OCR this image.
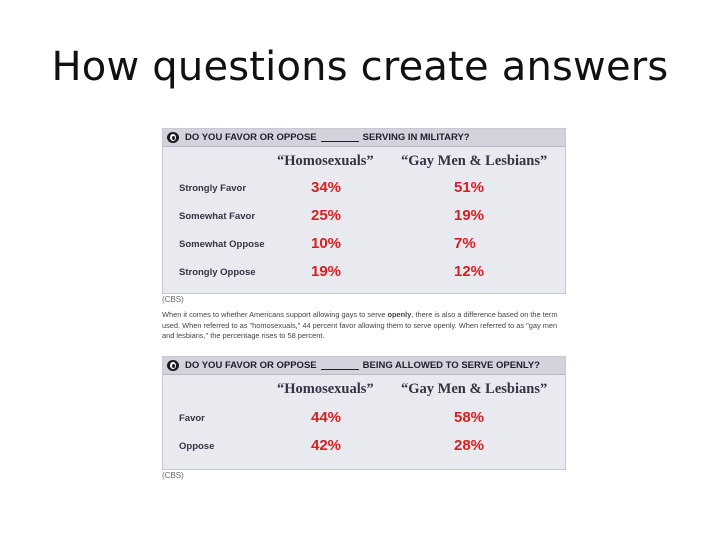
How questions create answers
DO YOU FAVOR OR OPPOSE	SERVING IN MILITARY?
“Homosexuals” “Gay Men & Lesbians”
Strongly Favor	34%	51%
Somewhat Favor	25%	19%
Somewhat Oppose	10%	7%
Strongly Oppose	19%	12%
(CBS)
When it comes to whether Americans support allowing gays to serve openly, there is also a difference based on the term used. When referred to as "homosexuals," 44 percent favor allowing them to serve openly. When referred to as "gay men and lesbians," the percentage rises to 58 percent.
DO YOU FAVOR OR OPPOSE	BEING ALLOWED TO SERVE OPENLY?
“Homosexuals” “Gay Men & Lesbians”
Favor	44%	58%
Oppose	42%	28%
(CBS)
